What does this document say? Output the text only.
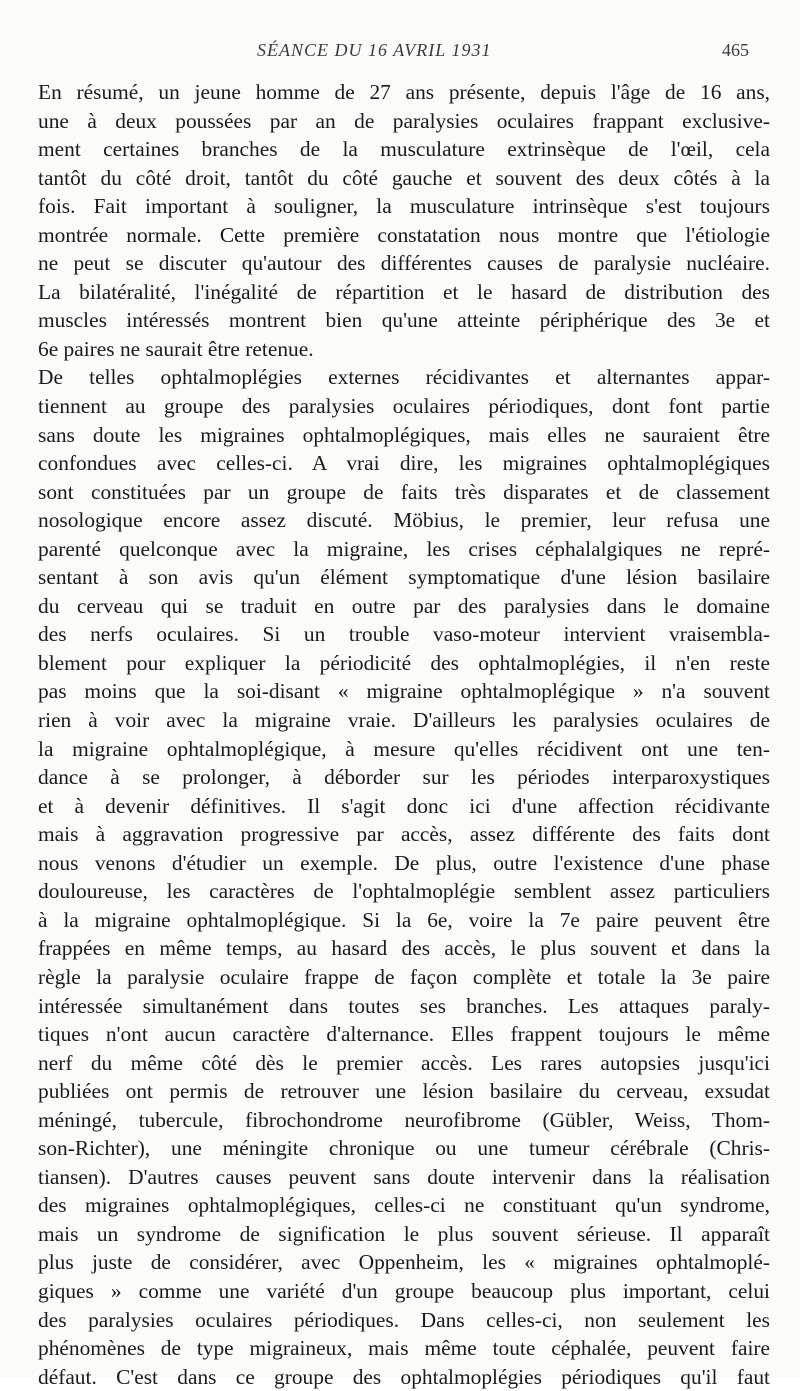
SÉANCE DU 16 AVRIL 1931	465
En résumé, un jeune homme de 27 ans présente, depuis l'âge de 16 ans,
une à deux poussées par an de paralysies oculaires frappant exclusive-
ment certaines branches de la musculature extrinsèque de l'œil, cela
tantôt du côté droit, tantôt du côté gauche et souvent des deux côtés à la
fois. Fait important à souligner, la musculature intrinsèque s'est toujours
montrée normale. Cette première constatation nous montre que l'étiologie
ne peut se discuter qu'autour des différentes causes de paralysie nucléaire.
La bilatéralité, l'inégalité de répartition et le hasard de distribution des
muscles intéressés montrent bien qu'une atteinte périphérique des 3e et
6e paires ne saurait être retenue.
De telles ophtalmoplégies externes récidivantes et alternantes appar-
tiennent au groupe des paralysies oculaires périodiques, dont font partie
sans doute les migraines ophtalmoplégiques, mais elles ne sauraient être
confondues avec celles-ci. A vrai dire, les migraines ophtalmoplégiques
sont constituées par un groupe de faits très disparates et de classement
nosologique encore assez discuté. Möbius, le premier, leur refusa une
parenté quelconque avec la migraine, les crises céphalalgiques ne repré-
sentant à son avis qu'un élément symptomatique d'une lésion basilaire
du cerveau qui se traduit en outre par des paralysies dans le domaine
des nerfs oculaires. Si un trouble vaso-moteur intervient vraisembla-
blement pour expliquer la périodicité des ophtalmoplégies, il n'en reste
pas moins que la soi-disant « migraine ophtalmoplégique » n'a souvent
rien à voir avec la migraine vraie. D'ailleurs les paralysies oculaires de
la migraine ophtalmoplégique, à mesure qu'elles récidivent ont une ten-
dance à se prolonger, à déborder sur les périodes interparoxystiques
et à devenir définitives. Il s'agit donc ici d'une affection récidivante
mais à aggravation progressive par accès, assez différente des faits dont
nous venons d'étudier un exemple. De plus, outre l'existence d'une phase
douloureuse, les caractères de l'ophtalmoplégie semblent assez particuliers
à la migraine ophtalmoplégique. Si la 6e, voire la 7e paire peuvent être
frappées en même temps, au hasard des accès, le plus souvent et dans la
règle la paralysie oculaire frappe de façon complète et totale la 3e paire
intéressée simultanément dans toutes ses branches. Les attaques paraly-
tiques n'ont aucun caractère d'alternance. Elles frappent toujours le même
nerf du même côté dès le premier accès. Les rares autopsies jusqu'ici
publiées ont permis de retrouver une lésion basilaire du cerveau, exsudat
méningé, tubercule, fibrochondrome neurofibrome (Gübler, Weiss, Thom-
son-Richter), une méningite chronique ou une tumeur cérébrale (Chris-
tiansen). D'autres causes peuvent sans doute intervenir dans la réalisation
des migraines ophtalmoplégiques, celles-ci ne constituant qu'un syndrome,
mais un syndrome de signification le plus souvent sérieuse. Il apparaît
plus juste de considérer, avec Oppenheim, les « migraines ophtalmoplé-
giques » comme une variété d'un groupe beaucoup plus important, celui
des paralysies oculaires périodiques. Dans celles-ci, non seulement les
phénomènes de type migraineux, mais même toute céphalée, peuvent faire
défaut. C'est dans ce groupe des ophtalmoplégies périodiques qu'il faut
